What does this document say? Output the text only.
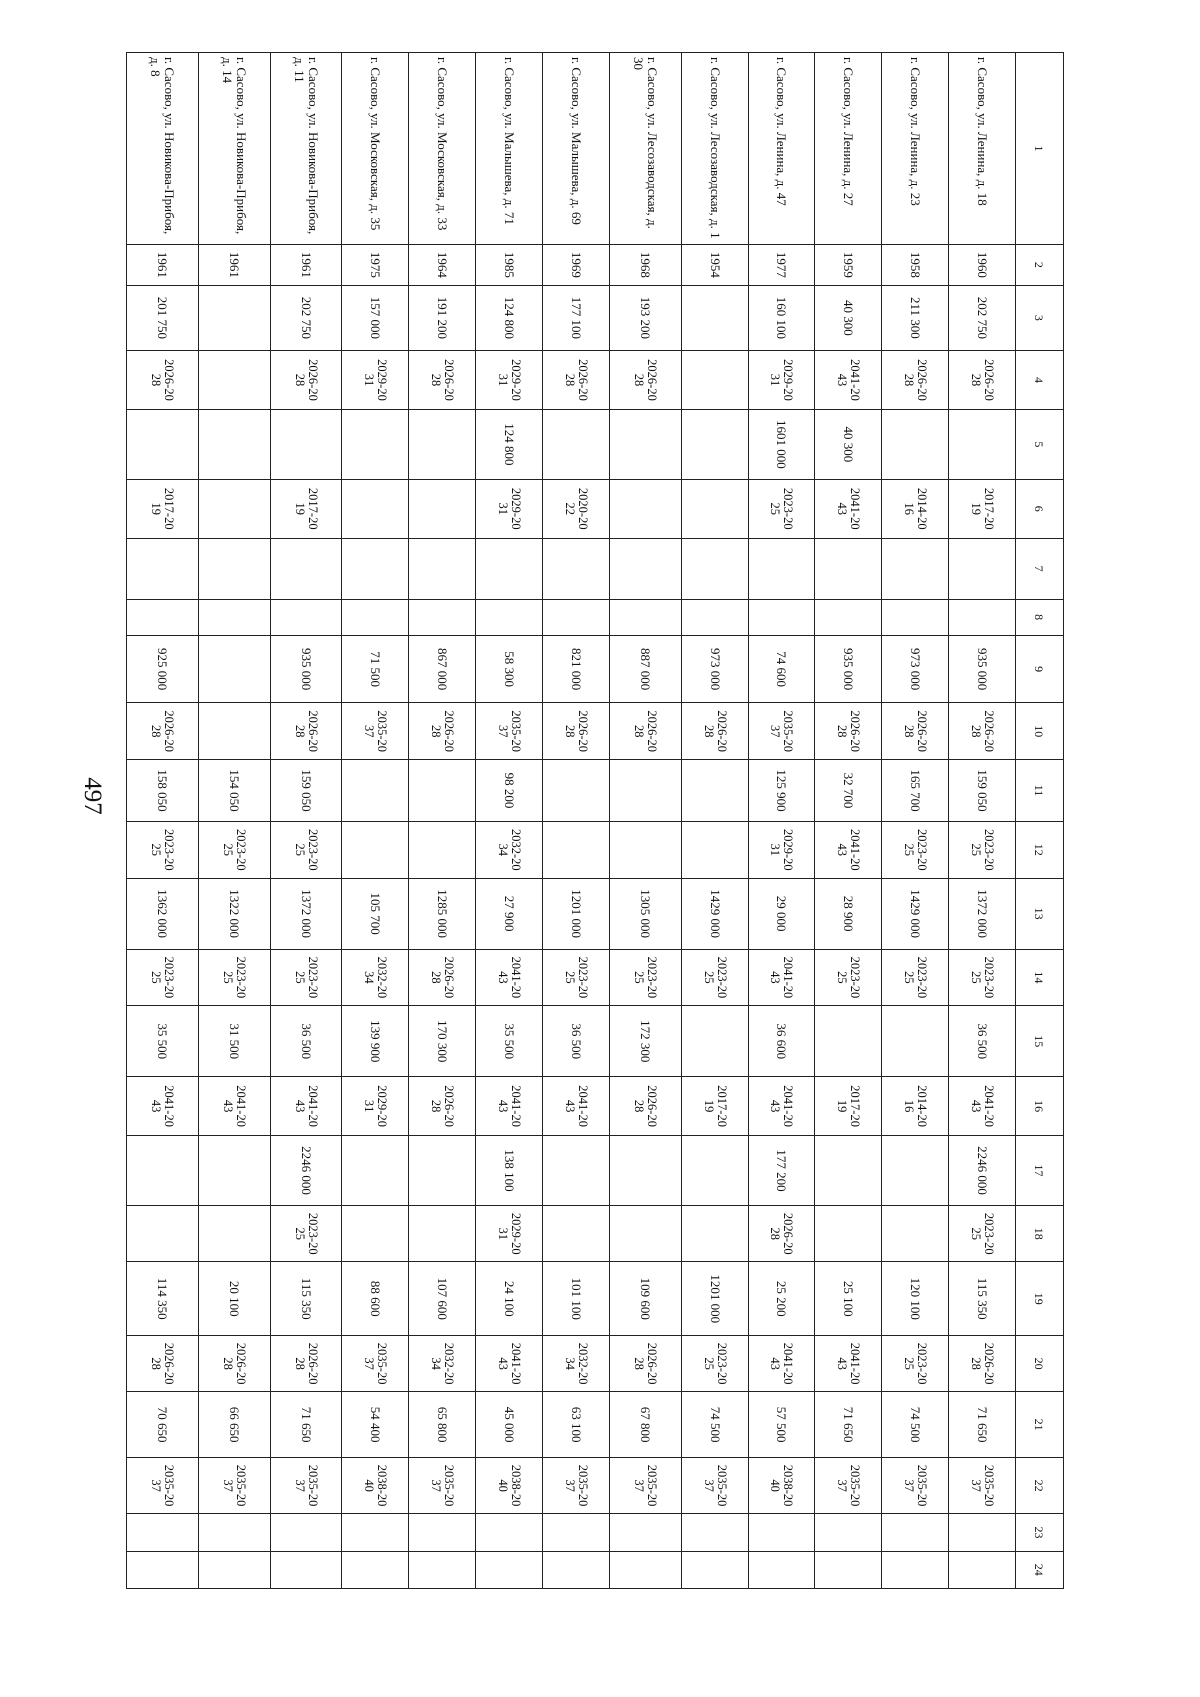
497
1	2	3	4	5	6	7	8	9	10	11	12	13	14	15	16	17	18	19	20	21	22	23	24
г. Сасово, ул. Ленина, д. 18	1960	202 750	2026-2028		2017-2019			935 000	2026-2028	159 050	2023-2025	1372 000	2023-2025	36 500	2041-2043	2246 000	2023-2025	115 350	2026-2028	71 650	2035-2037		
г. Сасово, ул. Ленина, д. 23	1958	211 300	2026-2028		2014-2016			973 000	2026-2028	165 700	2023-2025	1429 000	2023-2025		2014-2016			120 100	2023-2025	74 500	2035-2037		
г. Сасово, ул. Ленина, д. 27	1959	40 300	2041-2043	40 300	2041-2043			935 000	2026-2028	32 700	2041-2043	28 900	2023-2025		2017-2019			25 100	2041-2043	71 650	2035-2037		
г. Сасово, ул. Ленина, д. 47	1977	160 100	2029-2031	1601 000	2023-2025			74 600	2035-2037	125 900	2029-2031	29 000	2041-2043	36 600	2041-2043	177 200	2026-2028	25 200	2041-2043	57 500	2038-2040		
г. Сасово, ул. Лесозаводская, д. 1	1954							973 000	2026-2028			1429 000	2023-2025		2017-2019			1201 000	2023-2025	74 500	2035-2037		
г. Сасово, ул. Лесозаводская, д. 30	1968	193 200	2026-2028					887 000	2026-2028			1305 000	2023-2025	172 300	2026-2028			109 600	2026-2028	67 800	2035-2037		
г. Сасово, ул. Малышева, д. 69	1969	177 100	2026-2028		2020-2022			821 000	2026-2028			1201 000	2023-2025	36 500	2041-2043			101 100	2032-2034	63 100	2035-2037		
г. Сасово, ул. Малышева, д. 71	1985	124 800	2029-2031	124 800	2029-2031			58 300	2035-2037	98 200	2032-2034	27 900	2041-2043	35 500	2041-2043	138 100	2029-2031	24 100	2041-2043	45 000	2038-2040		
г. Сасово, ул. Московская, д. 33	1964	191 200	2026-2028					867 000	2026-2028			1285 000	2026-2028	170 300	2026-2028			107 600	2032-2034	65 800	2035-2037		
г. Сасово, ул. Московская, д. 35	1975	157 000	2029-2031					71 500	2035-2037			105 700	2032-2034	139 900	2029-2031			88 600	2035-2037	54 400	2038-2040		
г. Сасово, ул. Новикова-Прибоя, д. 11	1961	202 750	2026-2028		2017-2019			935 000	2026-2028	159 050	2023-2025	1372 000	2023-2025	36 500	2041-2043	2246 000	2023-2025	115 350	2026-2028	71 650	2035-2037		
г. Сасово, ул. Новикова-Прибоя, д. 14	1961									154 050	2023-2025	1322 000	2023-2025	31 500	2041-2043			20 100	2026-2028	66 650	2035-2037		
г. Сасово, ул. Новикова-Прибоя, д. 8	1961	201 750	2026-2028		2017-2019			925 000	2026-2028	158 050	2023-2025	1362 000	2023-2025	35 500	2041-2043			114 350	2026-2028	70 650	2035-2037		
